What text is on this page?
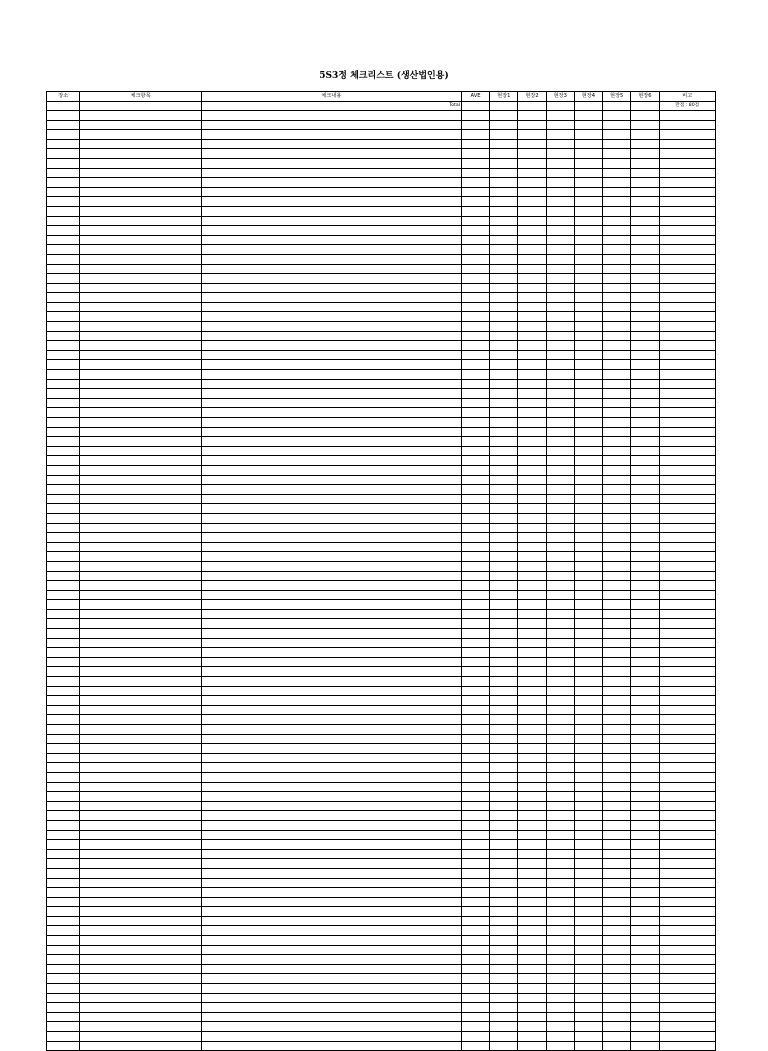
5S3정 체크리스트 (생산법인용)
장소	체크항목	체크내용	AVE	현장1	현장2	현장3	현장4	현장5	현장6	비고
		Total								만점 : 80점
